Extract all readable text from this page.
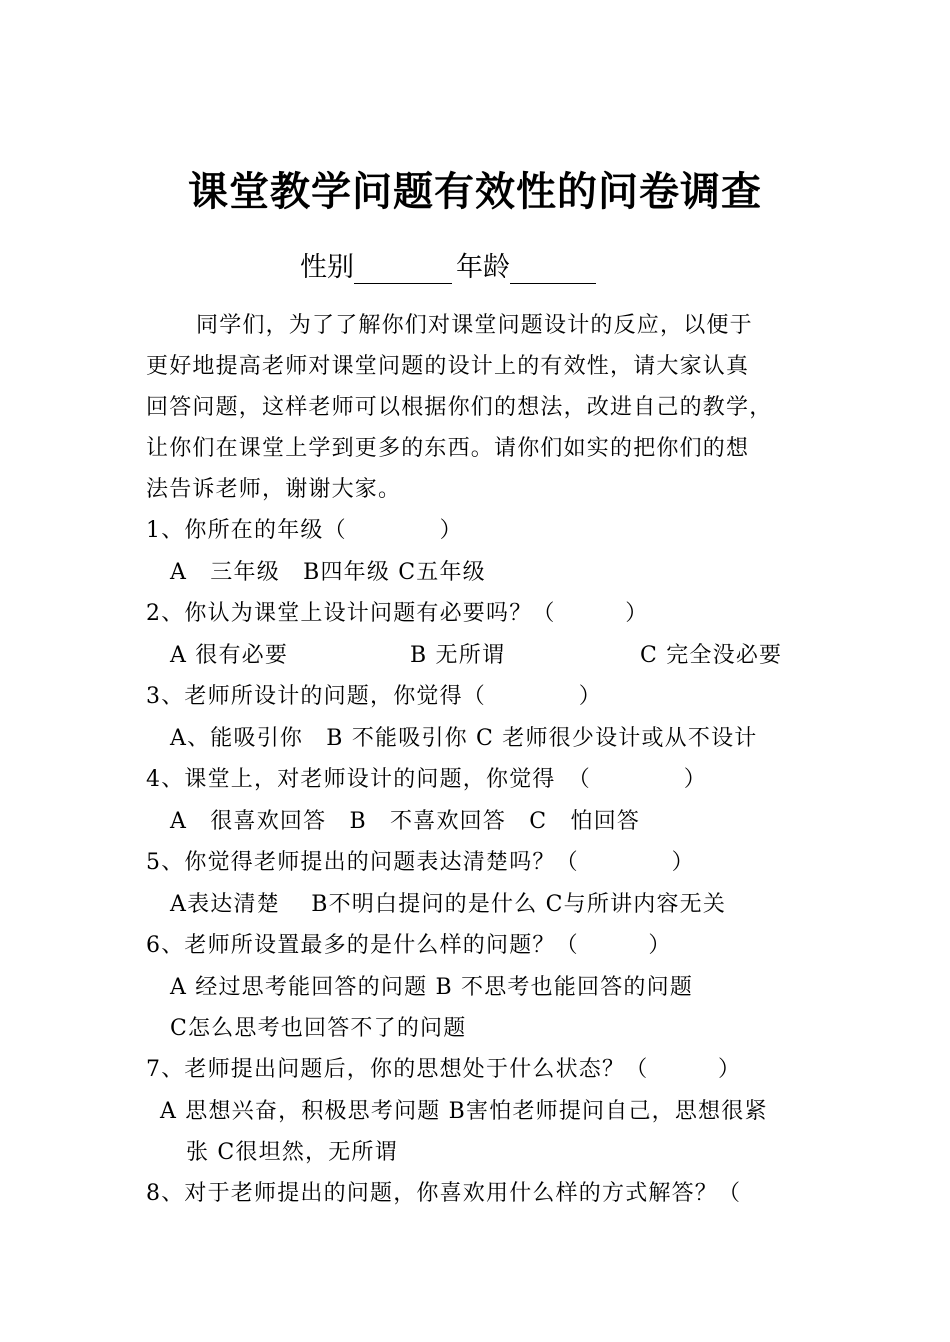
课堂教学问题有效性的问卷调查
性别	年龄
同学们，为了了解你们对课堂问题设计的反应，以便于
更好地提高老师对课堂问题的设计上的有效性，请大家认真
回答问题，这样老师可以根据你们的想法，改进自己的教学，
让你们在课堂上学到更多的东西。请你们如实的把你们的想
法告诉老师，谢谢大家。
1、你所在的年级（　　　　）
A　三年级　B四年级 C五年级
2、你认为课堂上设计问题有必要吗？（　　　）
A 很有必要	B 无所谓	C 完全没必要
3、老师所设计的问题，你觉得（　　　　）
A、能吸引你　B 不能吸引你 C 老师很少设计或从不设计
4、课堂上，对老师设计的问题，你觉得　（　　　　）
A　很喜欢回答　B　不喜欢回答　C　怕回答
5、你觉得老师提出的问题表达清楚吗？（　　　　）
A表达清楚　 B不明白提问的是什么 C与所讲内容无关
6、老师所设置最多的是什么样的问题？（　　　）
A 经过思考能回答的问题 B 不思考也能回答的问题
C怎么思考也回答不了的问题
7、老师提出问题后，你的思想处于什么状态？（　　　）
A 思想兴奋，积极思考问题 B害怕老师提问自己，思想很紧
张 C很坦然，无所谓
8、对于老师提出的问题，你喜欢用什么样的方式解答？（
